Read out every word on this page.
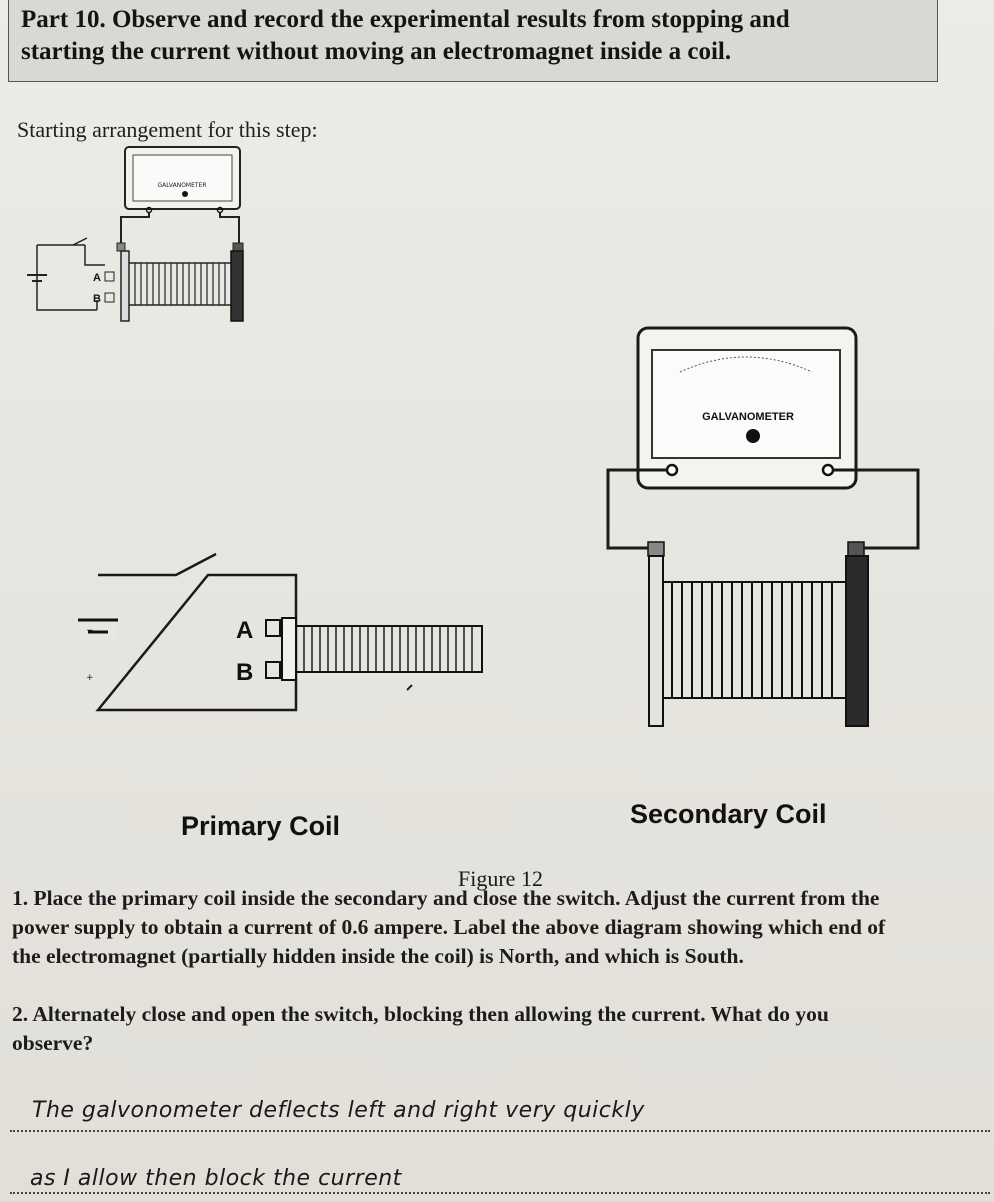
Part 10. Observe and record the experimental results from stopping and

starting the current without moving an electromagnet inside a coil.

Starting arrangement for this step:
GALVANOMETER
A
B
GALVANOMETER
−
+
A
B
Primary Coil	Secondary Coil
Figure 12
1. Place the primary coil inside the secondary and close the switch. Adjust the current from the
power supply to obtain a current of 0.6 ampere. Label the above diagram showing which end of
the electromagnet (partially hidden inside the coil) is North, and which is South.
2. Alternately close and open the switch, blocking then allowing the current. What do you
observe?
The galvonometer deflects left and right very quickly
as I allow then block the current
